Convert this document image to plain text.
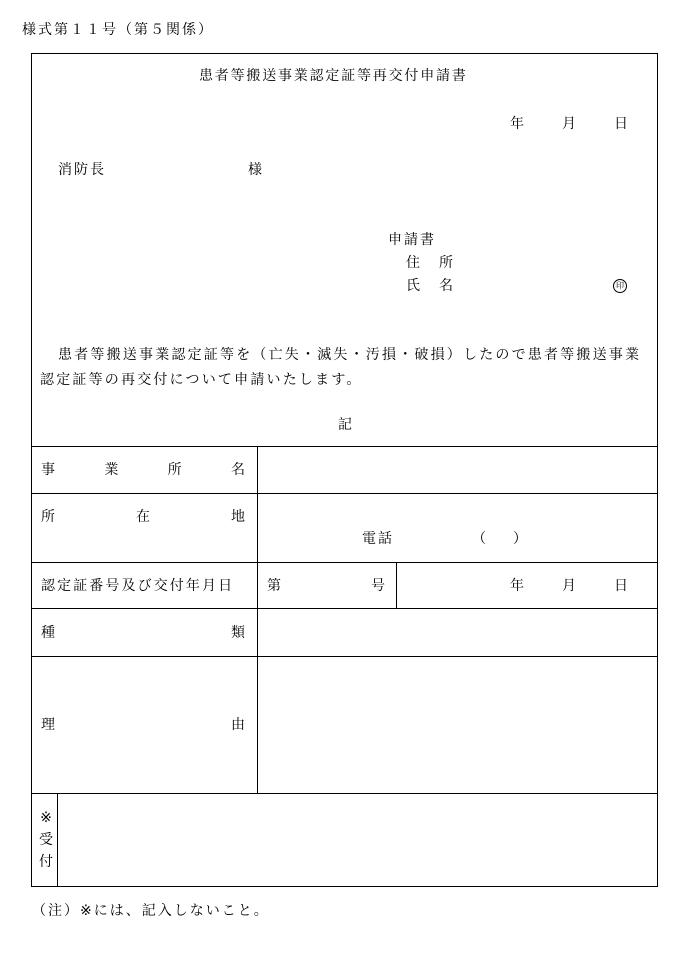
様式第１１号（第５関係）
患者等搬送事業認定証等再交付申請書
年	月	日
消防長	様
申請書
住 所
氏 名	印
患者等搬送事業認定証等を（亡失・滅失・汚損・破損）したので患者等搬送事業認定証等の再交付について申請いたします。
記
事	業	所	名
所	在	地
電話	（ ）
認定証番号及び交付年月日 第	号	年	月	日
種	類
理	由
※
受
付
（注）※には、記入しないこと。
